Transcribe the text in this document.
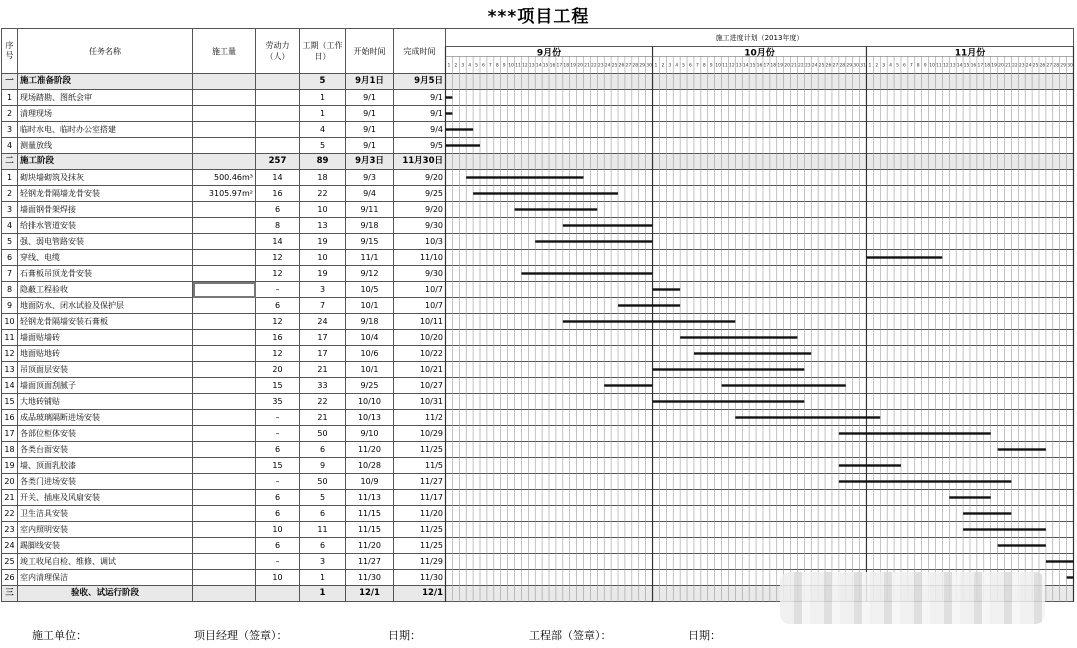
***项目工程
序号	任务名称	施工量	劳动力（人）	工期（工作日）	开始时间	完成时间	施工进度计划（2013年度）

一	施工准备阶段			5	9月1日	9月5日	
1	现场踏勘、图纸会审			1	9/1	9/1	
2	清理现场			1	9/1	9/1	
3	临时水电、临时办公室搭建			4	9/1	9/4	
4	测量放线			5	9/1	9/5	
二	施工阶段		257	89	9月3日	11月30日	
1	砌块墙砌筑及抹灰	500.46m³	14	18	9/3	9/20	
2	轻钢龙骨隔墙龙骨安装	3105.97m²	16	22	9/4	9/25	
3	墙面钢骨架焊接		6	10	9/11	9/20	
4	给排水管道安装		8	13	9/18	9/30	
5	强、弱电管路安装		14	19	9/15	10/3	
6	穿线、电缆		12	10	11/1	11/10	
7	石膏板吊顶龙骨安装		12	19	9/12	9/30	
8	隐蔽工程验收		–	3	10/5	10/7	
9	地面防水、闭水试验及保护层		6	7	10/1	10/7	
10	轻钢龙骨隔墙安装石膏板		12	24	9/18	10/11	
11	墙面贴墙砖		16	17	10/4	10/20	
12	地面贴地砖		12	17	10/6	10/22	
13	吊顶面层安装		20	21	10/1	10/21	
14	墙面顶面刮腻子		15	33	9/25	10/27	
15	大地砖铺贴		35	22	10/10	10/31	
16	成品玻璃隔断进场安装		–	21	10/13	11/2	
17	各部位柜体安装		–	50	9/10	10/29	
18	各类台面安装		6	6	11/20	11/25	
19	墙、顶面乳胶漆		15	9	10/28	11/5	
20	各类门进场安装		–	50	10/9	11/27	
21	开关、插座及风扇安装		6	5	11/13	11/17	
22	卫生洁具安装		6	6	11/15	11/20	
23	室内照明安装		10	11	11/15	11/25	
24	踢脚线安装		6	6	11/20	11/25	
25	竣工收尾自检、维修、调试		–	3	11/27	11/29	
26	室内清理保洁		10	1	11/30	11/30	
三	验收、试运行阶段			1	12/1	12/1	
9月份
1 2 3 4 5 6 7 8 9 10 11 12 13 14 15 16 17 18 19 20 21 22 23 24 25 26 27 28 29 30
10月份
1 2 3 4 5 6 7 8 9 10 11 12 13 14 15 16 17 18 19 20 21 22 23 24 25 26 27 28 29 30 31
11月份
1 2 3 4 5 6 7 8 9 10 11 12 13 14 15 16 17 18 19 20 21 22 23 24 25 26 27 28 29 30
施工单位：	项目经理（签章）：	日期：	工程部（签章）：	日期：
